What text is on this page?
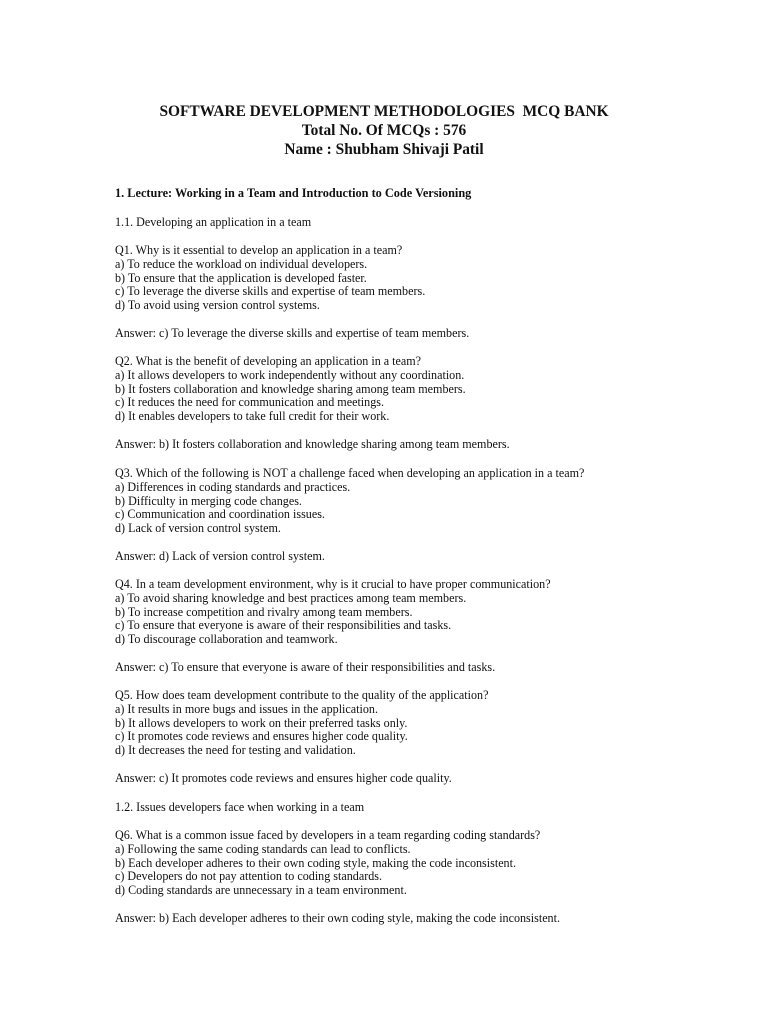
SOFTWARE DEVELOPMENT METHODOLOGIES  MCQ BANK
Total No. Of MCQs : 576
Name : Shubham Shivaji Patil
1. Lecture: Working in a Team and Introduction to Code Versioning
1.1. Developing an application in a team
Q1. Why is it essential to develop an application in a team?
a) To reduce the workload on individual developers.
b) To ensure that the application is developed faster.
c) To leverage the diverse skills and expertise of team members.
d) To avoid using version control systems.
Answer: c) To leverage the diverse skills and expertise of team members.
Q2. What is the benefit of developing an application in a team?
a) It allows developers to work independently without any coordination.
b) It fosters collaboration and knowledge sharing among team members.
c) It reduces the need for communication and meetings.
d) It enables developers to take full credit for their work.
Answer: b) It fosters collaboration and knowledge sharing among team members.
Q3. Which of the following is NOT a challenge faced when developing an application in a team?
a) Differences in coding standards and practices.
b) Difficulty in merging code changes.
c) Communication and coordination issues.
d) Lack of version control system.
Answer: d) Lack of version control system.
Q4. In a team development environment, why is it crucial to have proper communication?
a) To avoid sharing knowledge and best practices among team members.
b) To increase competition and rivalry among team members.
c) To ensure that everyone is aware of their responsibilities and tasks.
d) To discourage collaboration and teamwork.
Answer: c) To ensure that everyone is aware of their responsibilities and tasks.
Q5. How does team development contribute to the quality of the application?
a) It results in more bugs and issues in the application.
b) It allows developers to work on their preferred tasks only.
c) It promotes code reviews and ensures higher code quality.
d) It decreases the need for testing and validation.
Answer: c) It promotes code reviews and ensures higher code quality.
1.2. Issues developers face when working in a team
Q6. What is a common issue faced by developers in a team regarding coding standards?
a) Following the same coding standards can lead to conflicts.
b) Each developer adheres to their own coding style, making the code inconsistent.
c) Developers do not pay attention to coding standards.
d) Coding standards are unnecessary in a team environment.
Answer: b) Each developer adheres to their own coding style, making the code inconsistent.
